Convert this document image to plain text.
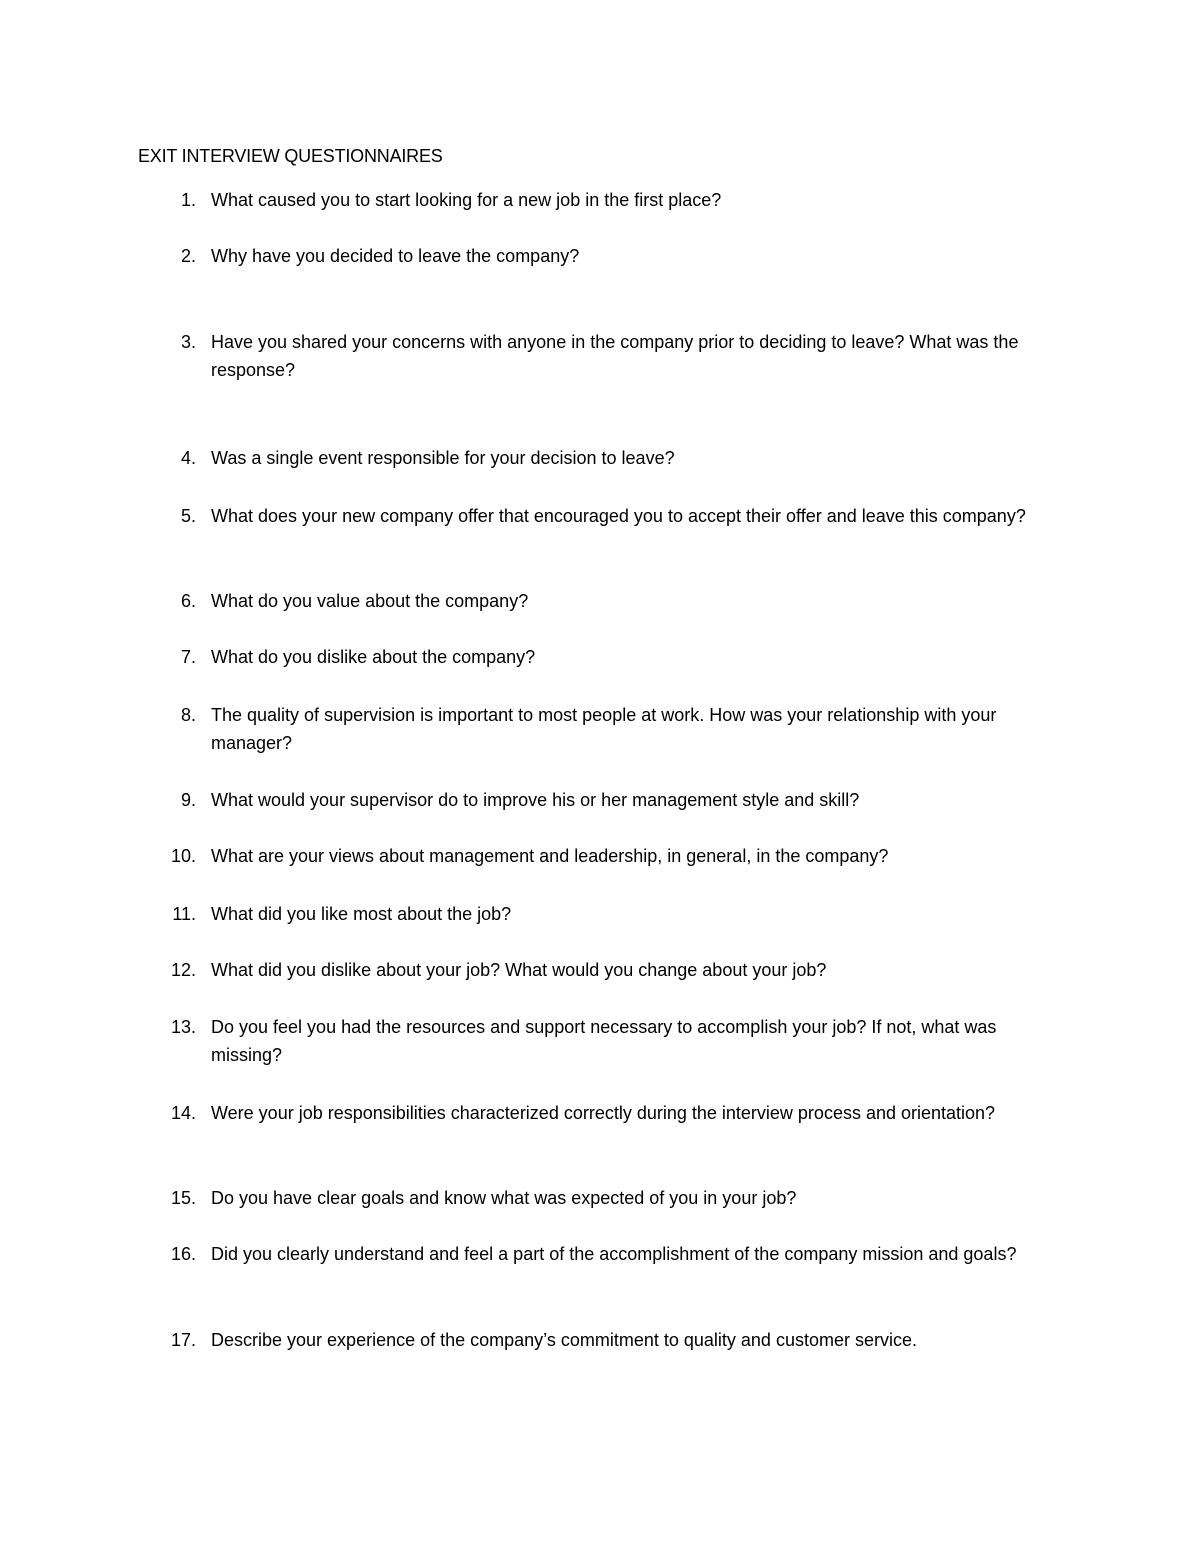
EXIT INTERVIEW QUESTIONNAIRES
1. What caused you to start looking for a new job in the first place?
2. Why have you decided to leave the company?
3. Have you shared your concerns with anyone in the company prior to deciding to leave? What was the response?
4. Was a single event responsible for your decision to leave?
5. What does your new company offer that encouraged you to accept their offer and leave this company?
6. What do you value about the company?
7. What do you dislike about the company?
8. The quality of supervision is important to most people at work. How was your relationship with your manager?
9. What would your supervisor do to improve his or her management style and skill?
10. What are your views about management and leadership, in general, in the company?
11. What did you like most about the job?
12. What did you dislike about your job? What would you change about your job?
13. Do you feel you had the resources and support necessary to accomplish your job? If not, what was missing?
14. Were your job responsibilities characterized correctly during the interview process and orientation?
15. Do you have clear goals and know what was expected of you in your job?
16. Did you clearly understand and feel a part of the accomplishment of the company mission and goals?
17. Describe your experience of the company’s commitment to quality and customer service.
